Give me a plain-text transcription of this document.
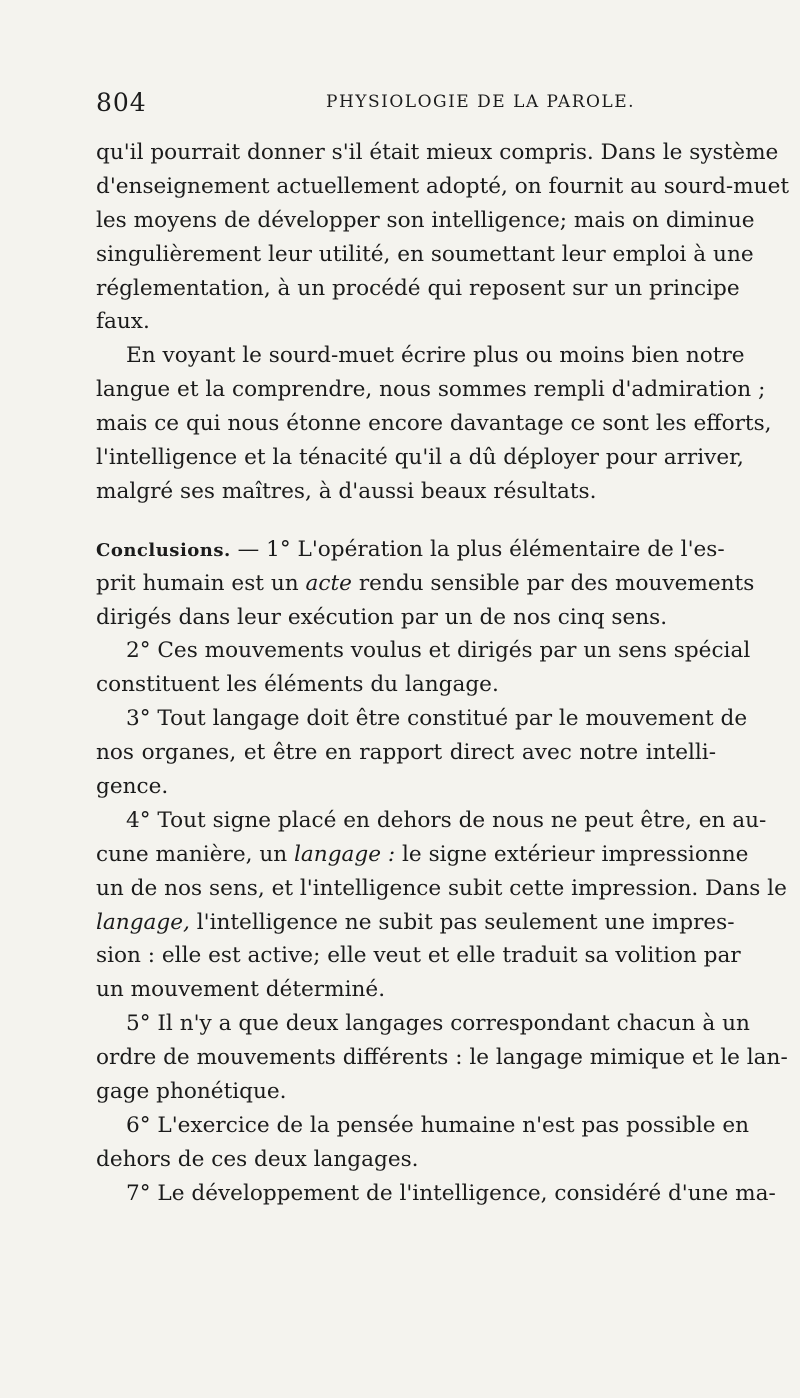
804	PHYSIOLOGIE DE LA PAROLE.
qu'il pourrait donner s'il était mieux compris. Dans le système
d'enseignement actuellement adopté, on fournit au sourd-muet
les moyens de développer son intelligence; mais on diminue
singulièrement leur utilité, en soumettant leur emploi à une
réglementation, à un procédé qui reposent sur un principe
faux.
En voyant le sourd-muet écrire plus ou moins bien notre
langue et la comprendre, nous sommes rempli d'admiration ;
mais ce qui nous étonne encore davantage ce sont les efforts,
l'intelligence et la ténacité qu'il a dû déployer pour arriver,
malgré ses maîtres, à d'aussi beaux résultats.
Conclusions. — 1° L'opération la plus élémentaire de l'es-
prit humain est un acte rendu sensible par des mouvements
dirigés dans leur exécution par un de nos cinq sens.
2° Ces mouvements voulus et dirigés par un sens spécial
constituent les éléments du langage.
3° Tout langage doit être constitué par le mouvement de
nos organes, et être en rapport direct avec notre intelli-
gence.
4° Tout signe placé en dehors de nous ne peut être, en au-
cune manière, un langage : le signe extérieur impressionne
un de nos sens, et l'intelligence subit cette impression. Dans le
langage, l'intelligence ne subit pas seulement une impres-
sion : elle est active; elle veut et elle traduit sa volition par
un mouvement déterminé.
5° Il n'y a que deux langages correspondant chacun à un
ordre de mouvements différents : le langage mimique et le lan-
gage phonétique.
6° L'exercice de la pensée humaine n'est pas possible en
dehors de ces deux langages.
7° Le développement de l'intelligence, considéré d'une ma-
